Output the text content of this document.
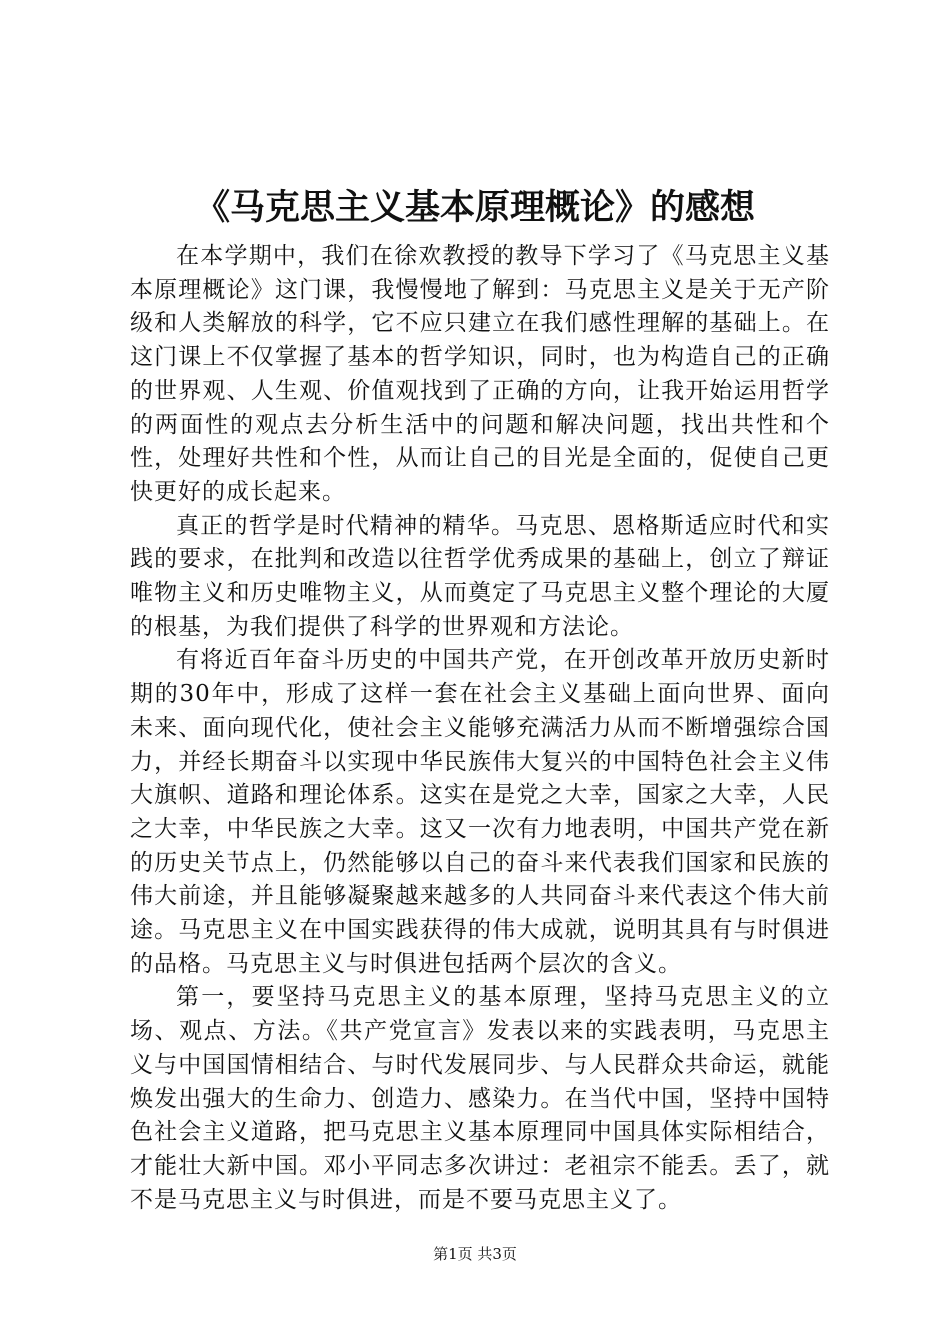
《马克思主义基本原理概论》的感想

在本学期中，我们在徐欢教授的教导下学习了《马克思主义基本原理概论》这门课，我慢慢地了解到：马克思主义是关于无产阶级和人类解放的科学，它不应只建立在我们感性理解的基础上。在这门课上不仅掌握了基本的哲学知识，同时，也为构造自己的正确的世界观、人生观、价值观找到了正确的方向，让我开始运用哲学的两面性的观点去分析生活中的问题和解决问题，找出共性和个性，处理好共性和个性，从而让自己的目光是全面的，促使自己更快更好的成长起来。

真正的哲学是时代精神的精华。马克思、恩格斯适应时代和实践的要求，在批判和改造以往哲学优秀成果的基础上，创立了辩证唯物主义和历史唯物主义，从而奠定了马克思主义整个理论的大厦的根基，为我们提供了科学的世界观和方法论。

有将近百年奋斗历史的中国共产党，在开创改革开放历史新时期的30年中，形成了这样一套在社会主义基础上面向世界、面向未来、面向现代化，使社会主义能够充满活力从而不断增强综合国力，并经长期奋斗以实现中华民族伟大复兴的中国特色社会主义伟大旗帜、道路和理论体系。这实在是党之大幸，国家之大幸，人民之大幸，中华民族之大幸。这又一次有力地表明，中国共产党在新的历史关节点上，仍然能够以自己的奋斗来代表我们国家和民族的伟大前途，并且能够凝聚越来越多的人共同奋斗来代表这个伟大前途。马克思主义在中国实践获得的伟大成就，说明其具有与时俱进的品格。马克思主义与时俱进包括两个层次的含义。

第一，要坚持马克思主义的基本原理，坚持马克思主义的立场、观点、方法。《共产党宣言》发表以来的实践表明，马克思主义与中国国情相结合、与时代发展同步、与人民群众共命运，就能焕发出强大的生命力、创造力、感染力。在当代中国，坚持中国特色社会主义道路，把马克思主义基本原理同中国具体实际相结合，才能壮大新中国。邓小平同志多次讲过：老祖宗不能丢。丢了，就不是马克思主义与时俱进，而是不要马克思主义了。

第1页 共3页
